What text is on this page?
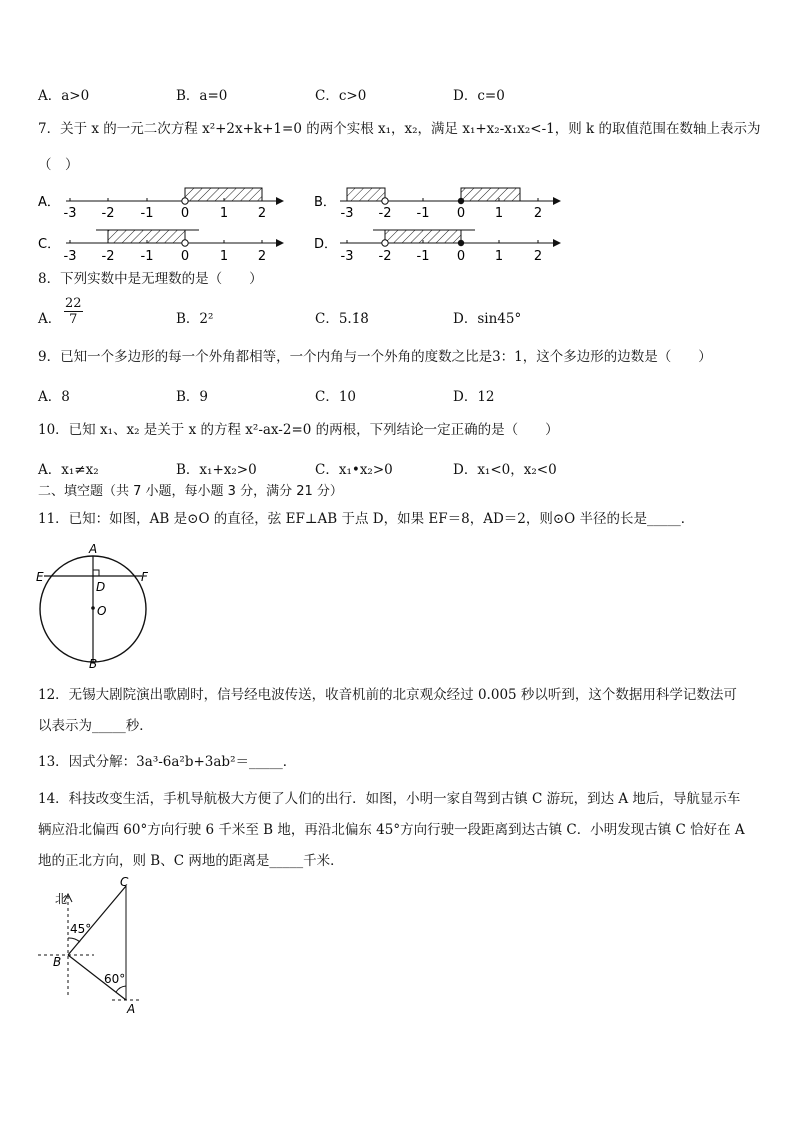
A．a>0	B．a=0	C．c>0	D．c=0
7．关于 x 的一元二次方程 x²+2x+k+1=0 的两个实根 x₁，x₂，满足 x₁+x₂-x₁x₂<-1，则 k 的取值范围在数轴上表示为
（　）
A．	B．
C．	D．
-3 -2 -1 0 1 2	-3 -2 -1 0 1 2
-3 -2 -1 0 1 2	-3 -2 -1 0 1 2
8．下列实数中是无理数的是（　　）
A． $\frac{22}{7}$	B．2²	C．5.1̇8̇	D．sin45°
9．已知一个多边形的每一个外角都相等，一个内角与一个外角的度数之比是3：1，这个多边形的边数是（　　）
A．8	B．9	C．10	D．12
10．已知 x₁、x₂ 是关于 x 的方程 x²-ax-2=0 的两根，下列结论一定正确的是（　　）
A．x₁≠x₂	B．x₁+x₂>0	C．x₁•x₂>0	D．x₁<0，x₂<0
二、填空题（共 7 小题，每小题 3 分，满分 21 分）
11．已知：如图，AB 是⊙O 的直径，弦 EF⊥AB 于点 D，如果 EF＝8，AD＝2，则⊙O 半径的长是_____．
A
E	F
D
O
B
12．无锡大剧院演出歌剧时，信号经电波传送，收音机前的北京观众经过 0.005 秒以听到，这个数据用科学记数法可
以表示为_____秒．
13．因式分解：3a³-6a²b+3ab²＝_____．
14．科技改变生活，手机导航极大方便了人们的出行．如图，小明一家自驾到古镇 C 游玩，到达 A 地后，导航显示车
辆应沿北偏西 60°方向行驶 6 千米至 B 地，再沿北偏东 45°方向行驶一段距离到达古镇 C．小明发现古镇 C 恰好在 A
地的正北方向，则 B、C 两地的距离是_____千米．
北
45°
60°
C
B
A
